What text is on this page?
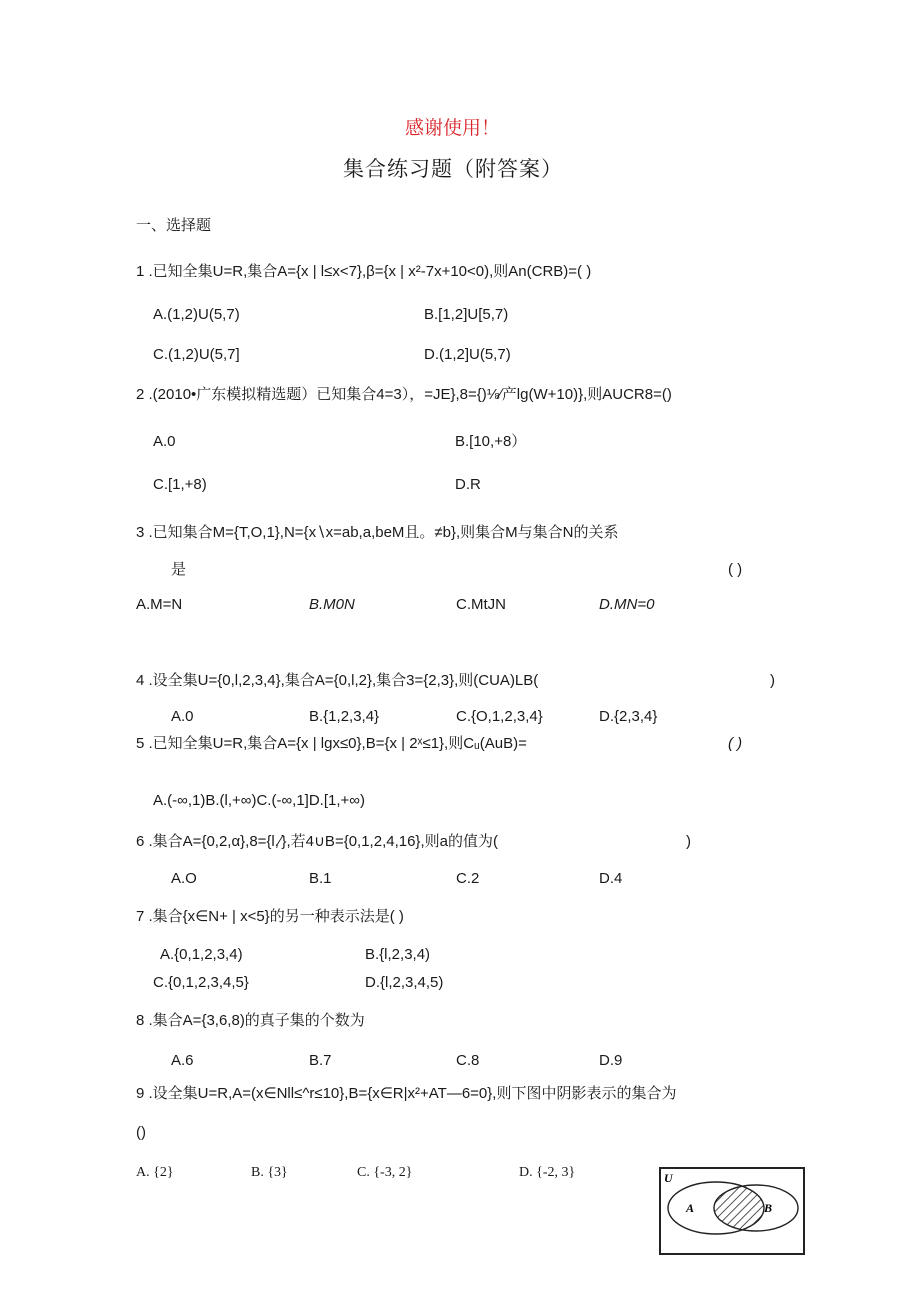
感谢使用！
集合练习题（附答案）
一、选择题
1 .已知全集U=R,集合A={x | l≤x<7},β={x | x²-7x+10<0),则An(CRB)=( )
A.(1,2)U(5,7)	B.[1,2]U[5,7)
C.(1,2)U(5,7]	D.(1,2]U(5,7)
2 .(2010•广东模拟精选题）已知集合4=3），=JE},8={)⅛∕产lg(W+10)},则AUCR8=()
A.0	B.[10,+8）
C.[1,+8)	D.R
3 .已知集合M={T,O,1},N={x∖x=ab,a,beM且。≠b},则集合M与集合N的关系
是	( )
A.M=N	B.M0N	C.MtJN	D.MN=0
4 .设全集U={0,l,2,3,4},集合A={0,l,2},集合3={2,3},则(CUA)LB(	)
A.0	B.{1,2,3,4}	C.{O,1,2,3,4}	D.{2,3,4}
5 .已知全集U=R,集合A={x | lgx≤0},B={x | 2ˣ≤1},则Cᵤ(AuB)=	( )
A.(-∞,1)B.(l,+∞)C.(-∞,1]D.[1,+∞)
6 .集合A={0,2,α},8={l,∕},若4∪B={0,1,2,4,16},则a的值为(	)
A.O	B.1	C.2	D.4
7 .集合{x∈N+ | x<5}的另一种表示法是( )
A.{0,1,2,3,4)	B.{l,2,3,4)
C.{0,1,2,3,4,5}	D.{l,2,3,4,5)
8 .集合A={3,6,8)的真子集的个数为
A.6	B.7	C.8	D.9
9 .设全集U=R,A=(x∈Nll≤^r≤10},B={x∈R|x²+AT—6=0},则下图中阴影表示的集合为
()
A. {2}	B. {3}	C. {-3, 2}	D. {-2, 3}	U
A	B
